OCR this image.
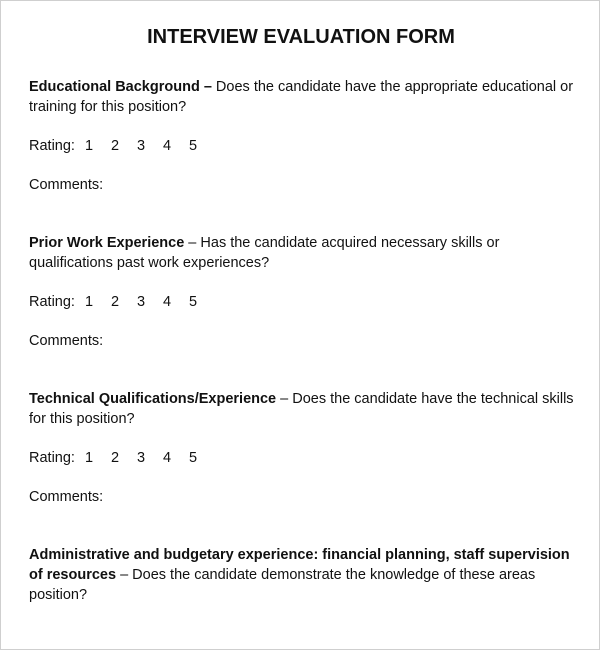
INTERVIEW EVALUATION FORM

Educational Background – Does the candidate have the appropriate educational or training for this position?

Rating: 1	2	3	4	5
Comments:

Prior Work Experience – Has the candidate acquired necessary skills or qualifications past work experiences?

Rating: 1	2	3	4	5
Comments:

Technical Qualifications/Experience – Does the candidate have the technical skills for this position?

Rating: 1	2	3	4	5
Comments:

Administrative and budgetary experience: financial planning, staff supervision of resources – Does the candidate demonstrate the knowledge of these areas position?
